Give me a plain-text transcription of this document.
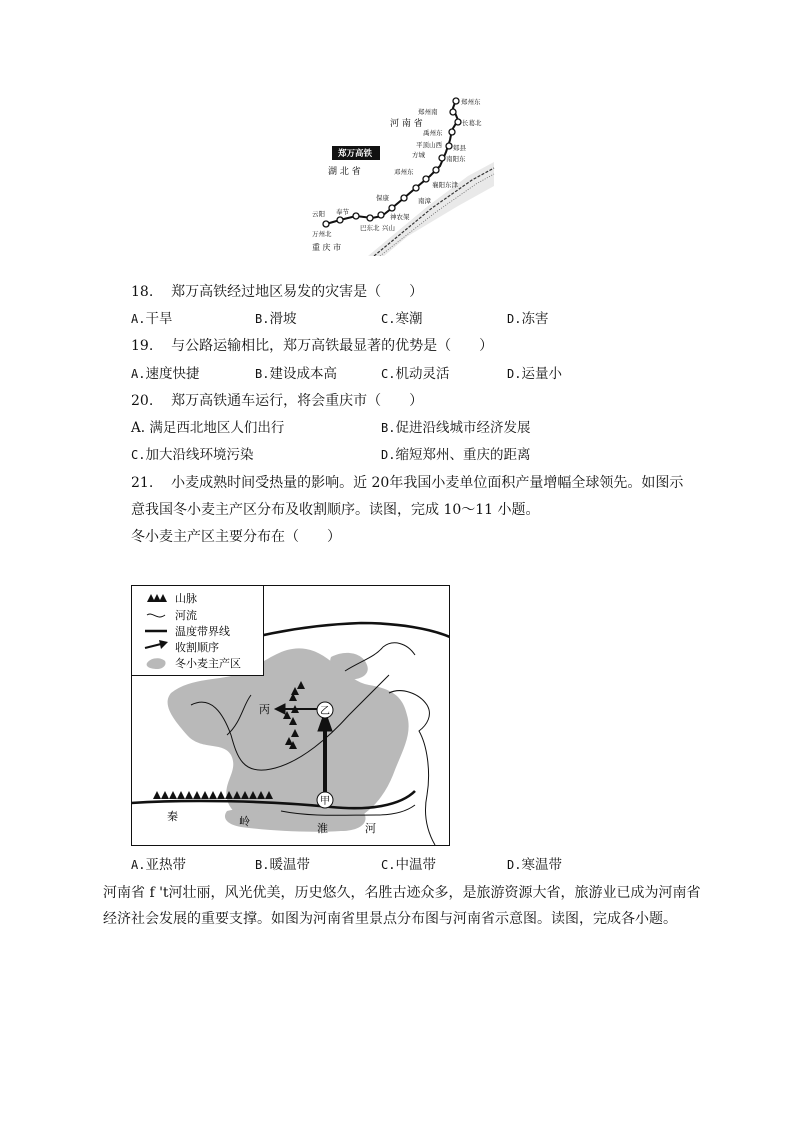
郑州东
郑州南
长葛北
禹州东
郏县
平顶山西
方城	南阳东
邓州东
襄阳东津
南漳
保康
神农架
兴山
巴东北
奉节
云阳
万州北
河 南 省
湖 北 省
重 庆 市
郑万高铁
18. 郑万高铁经过地区易发的灾害是（　　）
A.干旱	B.滑坡	C.寒潮	D.冻害
19. 与公路运输相比，郑万高铁最显著的优势是（　　）
A.速度快捷	B.建设成本高	C.机动灵活	D.运量小
20. 郑万高铁通车运行，将会重庆市（　　）
A. 满足西北地区人们出行	B.促进沿线城市经济发展
C.加大沿线环境污染	D.缩短郑州、重庆的距离
21. 小麦成熟时间受热量的影响。近 20年我国小麦单位面积产量增幅全球领先。如图示
意我国冬小麦主产区分布及收割顺序。读图，完成 10～11 小题。
冬小麦主产区主要分布在（　　）
乙
甲
丙
秦	岭
淮	河
山脉
河流
温度带界线
收割顺序
冬小麦主产区
A.亚热带	B.暖温带	C.中温带	D.寒温带
河南省 f 't河壮丽，风光优美，历史悠久，名胜古迹众多，是旅游资源大省，旅游业已成为河南省
经济社会发展的重要支撑。如图为河南省里景点分布图与河南省示意图。读图，完成各小题。
